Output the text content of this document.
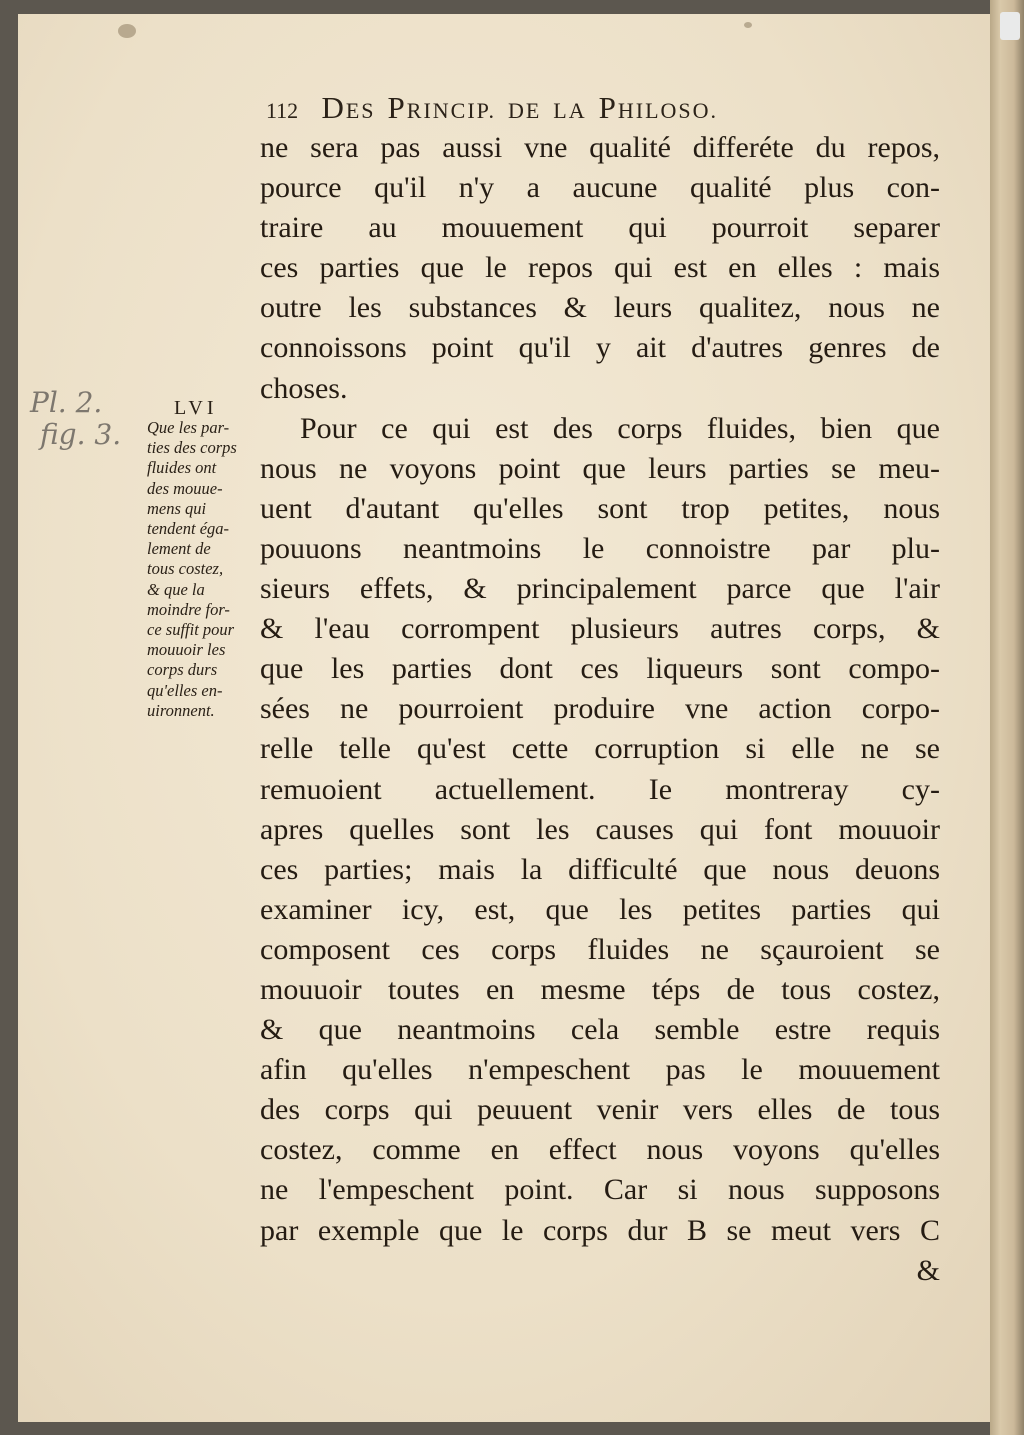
112 DES PRINCIP. DE LA PHILOSO.
Pl. 2.
fig. 3.
LVI
Que les par-
ties des corps
fluides ont
des mouue-
mens qui
tendent éga-
lement de
tous costez,
& que la
moindre for-
ce suffit pour
mouuoir les
corps durs
qu'elles en-
uironnent.
ne sera pas aussi vne qualité differéte du repos,
pource qu'il n'y a aucune qualité plus con-
traire au mouuement qui pourroit separer
ces parties que le repos qui est en elles : mais
outre les substances & leurs qualitez, nous ne
connoissons point qu'il y ait d'autres genres de
choses.
Pour ce qui est des corps fluides, bien que
nous ne voyons point que leurs parties se meu-
uent d'autant qu'elles sont trop petites, nous
pouuons neantmoins le connoistre par plu-
sieurs effets, & principalement parce que l'air
& l'eau corrompent plusieurs autres corps, &
que les parties dont ces liqueurs sont compo-
sées ne pourroient produire vne action corpo-
relle telle qu'est cette corruption si elle ne se
remuoient actuellement. Ie montreray cy-
apres quelles sont les causes qui font mouuoir
ces parties; mais la difficulté que nous deuons
examiner icy, est, que les petites parties qui
composent ces corps fluides ne sçauroient se
mouuoir toutes en mesme téps de tous costez,
& que neantmoins cela semble estre requis
afin qu'elles n'empeschent pas le mouuement
des corps qui peuuent venir vers elles de tous
costez, comme en effect nous voyons qu'elles
ne l'empeschent point. Car si nous supposons
par exemple que le corps dur B se meut vers C
&
